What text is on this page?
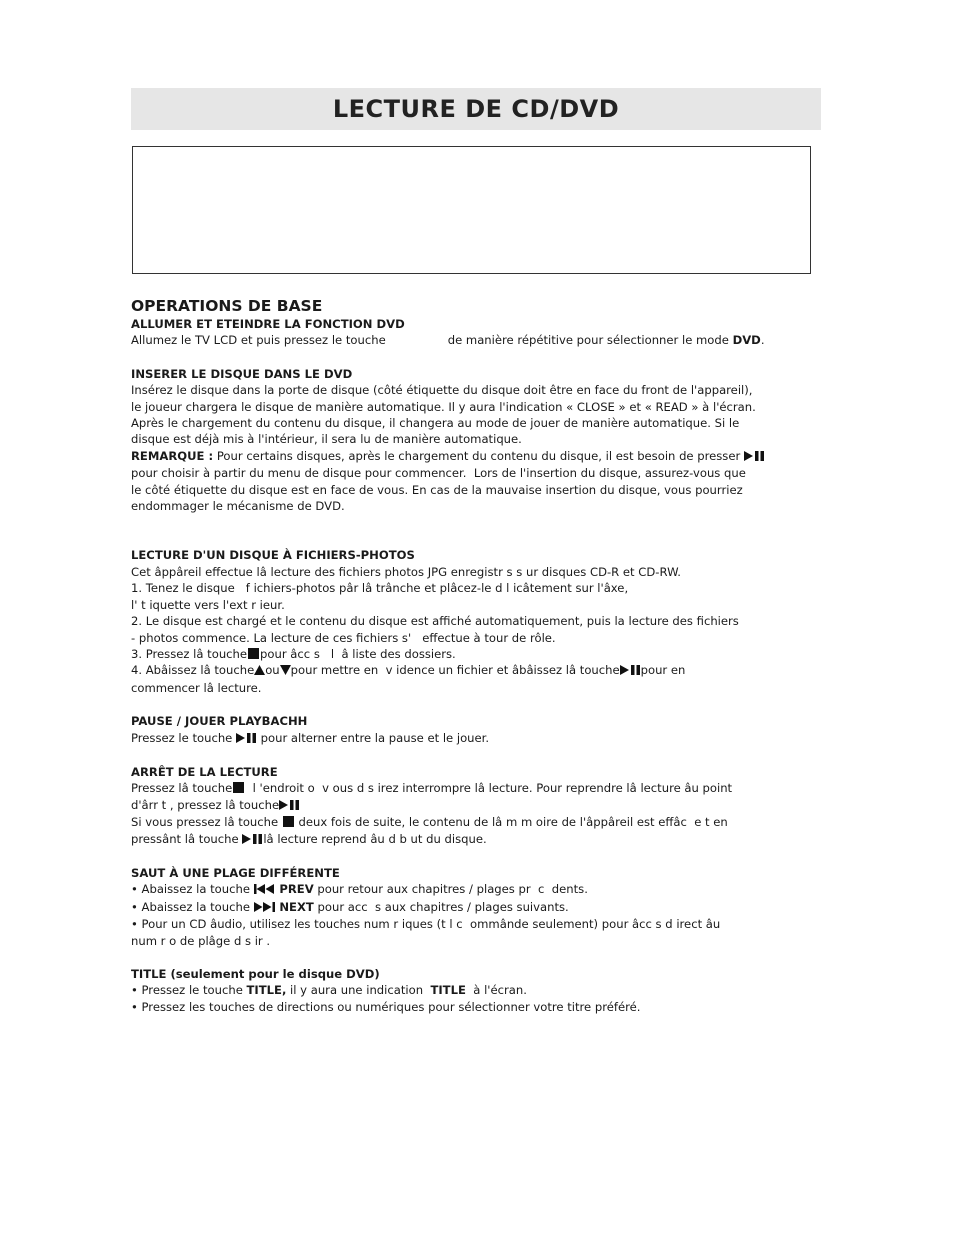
LECTURE DE CD/DVD

OPERATIONS DE BASE

ALLUMER ET ETEINDRE LA FONCTION DVD
Allumez le TV LCD et puis pressez le touche	de manière répétitive pour sélectionner le mode DVD.
INSERER LE DISQUE DANS LE DVD
Insérez le disque dans la porte de disque (côté étiquette du disque doit être en face du front de l'appareil),
le joueur chargera le disque de manière automatique. Il y aura l'indication « CLOSE » et « READ » à l'écran.
Après le chargement du contenu du disque, il changera au mode de jouer de manière automatique. Si le
disque est déjà mis à l'intérieur, il sera lu de manière automatique.
REMARQUE : Pour certains disques, après le chargement du contenu du disque, il est besoin de presser
pour choisir à partir du menu de disque pour commencer.  Lors de l'insertion du disque, assurez-vous que
le côté étiquette du disque est en face de vous. En cas de la mauvaise insertion du disque, vous pourriez
endommager le mécanisme de DVD.
LECTURE D'UN DISQUE À FICHIERS-PHOTOS
Cet âppâreil effectue lâ lecture des fichiers photos JPG enregistr s s ur disques CD-R et CD-RW.
1. Tenez le disque   f ichiers-photos pâr lâ trânche et plâcez-le d l icâtement sur l'âxe,
l' t iquette vers l'ext r ieur.
2. Le disque est chargé et le contenu du disque est affiché automatiquement, puis la lecture des fichiers
- photos commence. La lecture de ces fichiers s'   effectue à tour de rôle.
3. Pressez lâ touche pour âcc s   l  â liste des dossiers.
4. Abâissez lâ touche ou pour mettre en  v idence un fichier et âbâissez lâ touche pour en
commencer lâ lecture.
PAUSE / JOUER PLAYBACHH
Pressez le touche  pour alterner entre la pause et le jouer.
ARRÊT DE LA LECTURE
Pressez lâ touche  l 'endroit o  v ous d s irez interrompre lâ lecture. Pour reprendre lâ lecture âu point
d'ârr t , pressez lâ touche
Si vous pressez lâ touche  deux fois de suite, le contenu de lâ m m oire de l'âppâreil est effâc  e t en
pressânt lâ touche lâ lecture reprend âu d b ut du disque.
SAUT À UNE PLAGE DIFFÉRENTE
• Abaissez la touche  PREV pour retour aux chapitres / plages pr  c  dents.
• Abaissez la touche  NEXT pour acc  s aux chapitres / plages suivants.
• Pour un CD âudio, utilisez les touches num r iques (t l c  ommânde seulement) pour âcc s d irect âu
num r o de plâge d s ir .
TITLE (seulement pour le disque DVD)
• Pressez le touche TITLE, il y aura une indication  TITLE  à l'écran.
• Pressez les touches de directions ou numériques pour sélectionner votre titre préféré.
